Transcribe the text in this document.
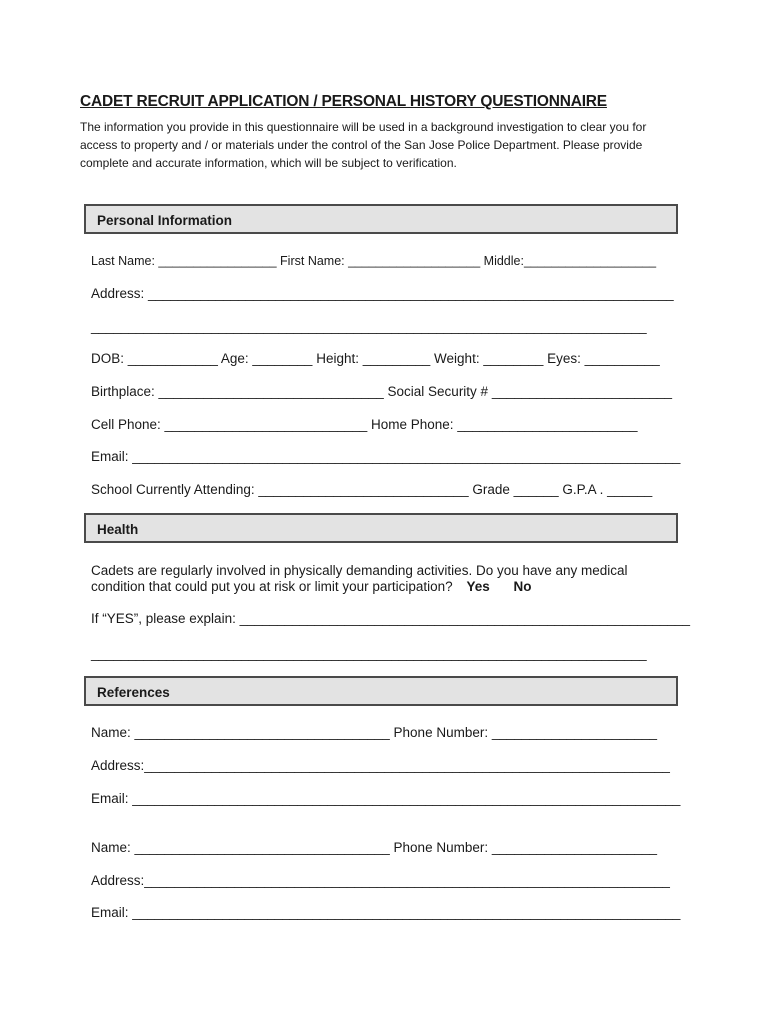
CADET RECRUIT APPLICATION / PERSONAL HISTORY QUESTIONNAIRE
The information you provide in this questionnaire will be used in a background investigation to clear you for
access to property and / or materials under the control of the San Jose Police Department. Please provide
complete and accurate information, which will be subject to verification.
Personal Information
Last Name: _________________ First Name: ___________________ Middle:___________________
Address: ______________________________________________________________________
__________________________________________________________________________
DOB: ____________ Age: ________ Height: _________ Weight: ________ Eyes: __________
Birthplace: ______________________________ Social Security # ________________________
Cell Phone: ___________________________ Home Phone: ________________________
Email: _________________________________________________________________________
School Currently Attending: ____________________________ Grade ______ G.P.A . ______
Health
Cadets are regularly involved in physically demanding activities. Do you have any medical
condition that could put you at risk or limit your participation? Yes No
If “YES”, please explain: ____________________________________________________________
__________________________________________________________________________
References
Name: __________________________________ Phone Number: ______________________
Address:______________________________________________________________________
Email: _________________________________________________________________________
Name: __________________________________ Phone Number: ______________________
Address:______________________________________________________________________
Email: _________________________________________________________________________
